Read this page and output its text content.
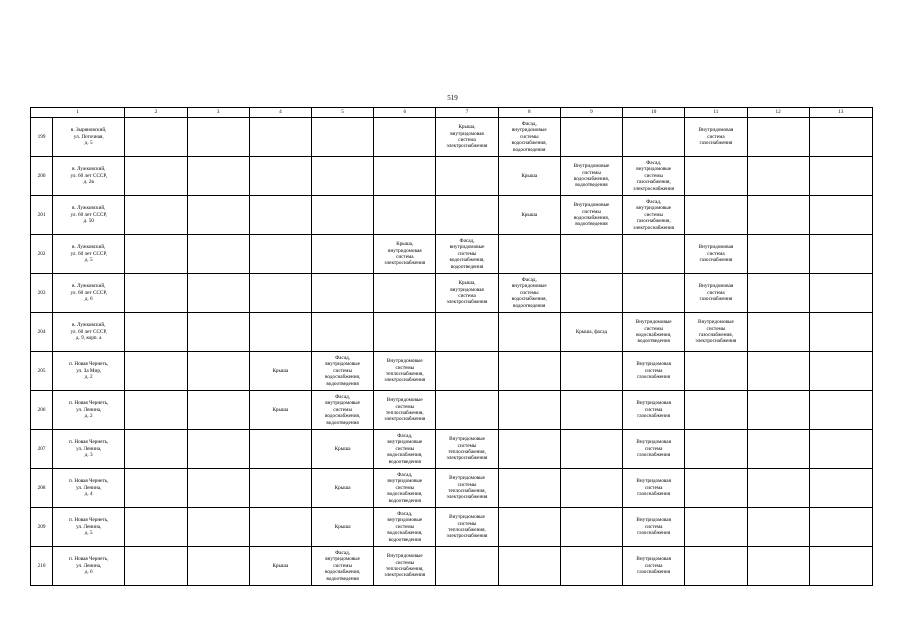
519
1		2	3	4	5	6	7	8	9	10	11	12	13
199	в. Зыряновский,
ул. Поточная,
д. 5						Крыша,
внутридомовая
система
электроснабжения	Фасад,
внутридомовые
системы
водоснабжения,
водоотведения			Внутридомовая
система
газоснабжения		
200	в. Лужковский,
ул. 60 лет СССР,
д. 2в							Крыша	Внутридомовые
системы
водоснабжения,
водоотведения	Фасад,
внутридомовые
системы
газоснабжения,
электроснабжения			
201	в. Лужковский,
ул. 60 лет СССР,
д. 50							Крыша	Внутридомовые
системы
водоснабжения,
водоотведения	Фасад,
внутридомовые
системы
газоснабжения,
электроснабжения			
202	в. Лужковский,
ул. 60 лет СССР,
д. 5					Крыша,
внутридомовая
система
электроснабжения	Фасад,
внутридомовые
системы
водоснабжения,
водоотведения				Внутридомовая
система
газоснабжения		
203	в. Лужковский,
ул. 60 лет СССР,
д. 6						Крыша,
внутридомовая
система
электроснабжения	Фасад,
внутридомовые
системы
водоснабжения,
водоотведения			Внутридомовая
система
газоснабжения		
204	в. Лужковский,
ул. 60 лет СССР,
д. 9, корп. а								Крыша, фасад	Внутридомовые
системы
водоснабжения,
водоотведения	Внутридомовые
системы
газоснабжения,
электроснабжения		
205	п. Новая Чернеть,
ул. За Мир,
д. 2			Крыша	Фасад,
внутридомовые
системы
водоснабжения,
водоотведения	Внутридомовые
системы
теплоснабжения,
электроснабжения				Внутридомовая
система
газоснабжения			
206	п. Новая Чернеть,
ул. Ленина,
д. 2			Крыша	Фасад,
внутридомовые
системы
водоснабжения,
водоотведения	Внутридомовые
системы
теплоснабжения,
электроснабжения				Внутридомовая
система
газоснабжения			
207	п. Новая Чернеть,
ул. Ленина,
д. 3				Крыша	Фасад,
внутридомовые
системы
водоснабжения,
водоотведения	Внутридомовые
системы
теплоснабжения,
электроснабжения			Внутридомовая
система
газоснабжения			
208	п. Новая Чернеть,
ул. Ленина,
д. 4				Крыша	Фасад,
внутридомовые
системы
водоснабжения,
водоотведения	Внутридомовые
системы
теплоснабжения,
электроснабжения			Внутридомовая
система
газоснабжения			
209	п. Новая Чернеть,
ул. Ленина,
д. 5				Крыша	Фасад,
внутридомовые
системы
водоснабжения,
водоотведения	Внутридомовые
системы
теплоснабжения,
электроснабжения			Внутридомовая
система
газоснабжения			
210	п. Новая Чернеть,
ул. Ленина,
д. 6			Крыша	Фасад,
внутридомовые
системы
водоснабжения,
водоотведения	Внутридомовые
системы
теплоснабжения,
электроснабжения				Внутридомовая
система
газоснабжения			
